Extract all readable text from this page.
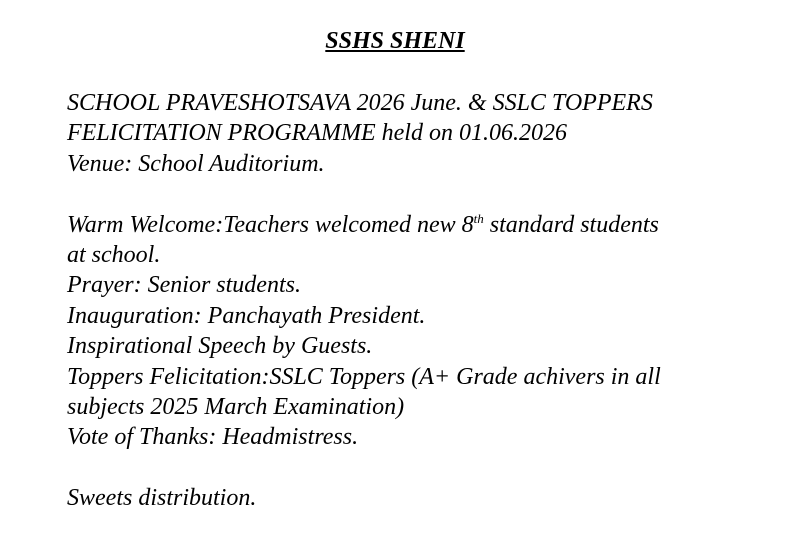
SSHS SHENI
SCHOOL PRAVESHOTSAVA 2026 June. & SSLC TOPPERS
FELICITATION PROGRAMME held on 01.06.2026
Venue: School Auditorium.
Warm Welcome:Teachers welcomed new 8th standard students
at school.
Prayer: Senior students.
Inauguration: Panchayath President.
Inspirational Speech by Guests.
Toppers Felicitation:SSLC Toppers (A+ Grade achivers in all
subjects 2025 March Examination)
Vote of Thanks: Headmistress.
Sweets distribution.
